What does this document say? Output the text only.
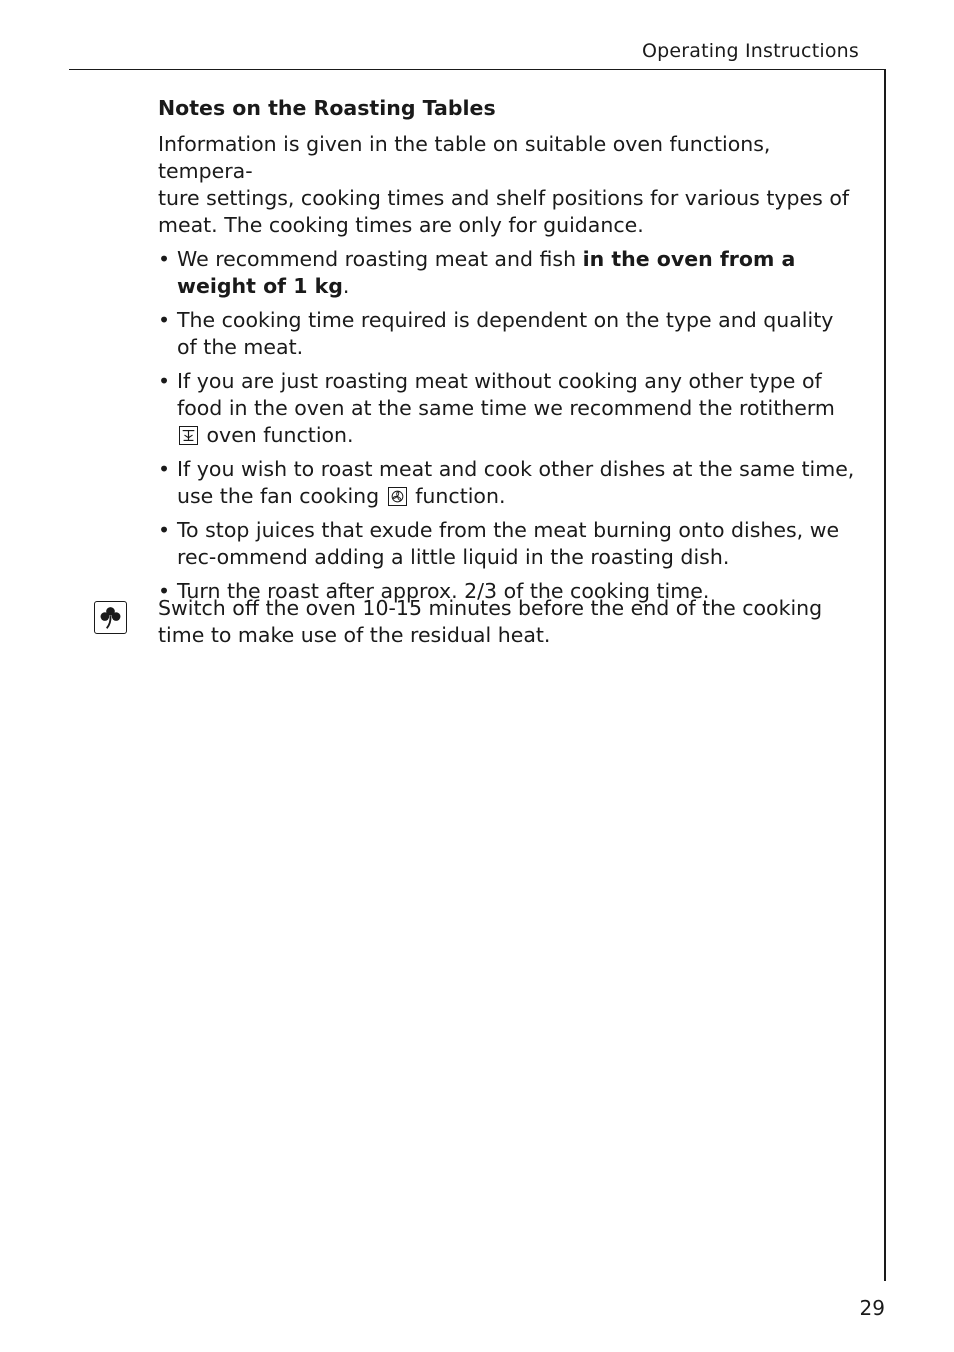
Operating Instructions
Notes on the Roasting Tables
Information is given in the table on suitable oven functions, tempera-
ture settings, cooking times and shelf positions for various types of
meat. The cooking times are only for guidance.
• We recommend roasting meat and fish in the oven from a weight of 1 kg.
• The cooking time required is dependent on the type and quality of the meat.
• If you are just roasting meat without cooking any other type of food in the oven at the same time we recommend the rotitherm
oven function.
• If you wish to roast meat and cook other dishes at the same time, use the fan cooking
function.
• To stop juices that exude from the meat burning onto dishes, we rec-ommend adding a little liquid in the roasting dish.
• Turn the roast after approx. 2/3 of the cooking time.
Switch off the oven 10-15 minutes before the end of the cooking time to make use of the residual heat.
29
